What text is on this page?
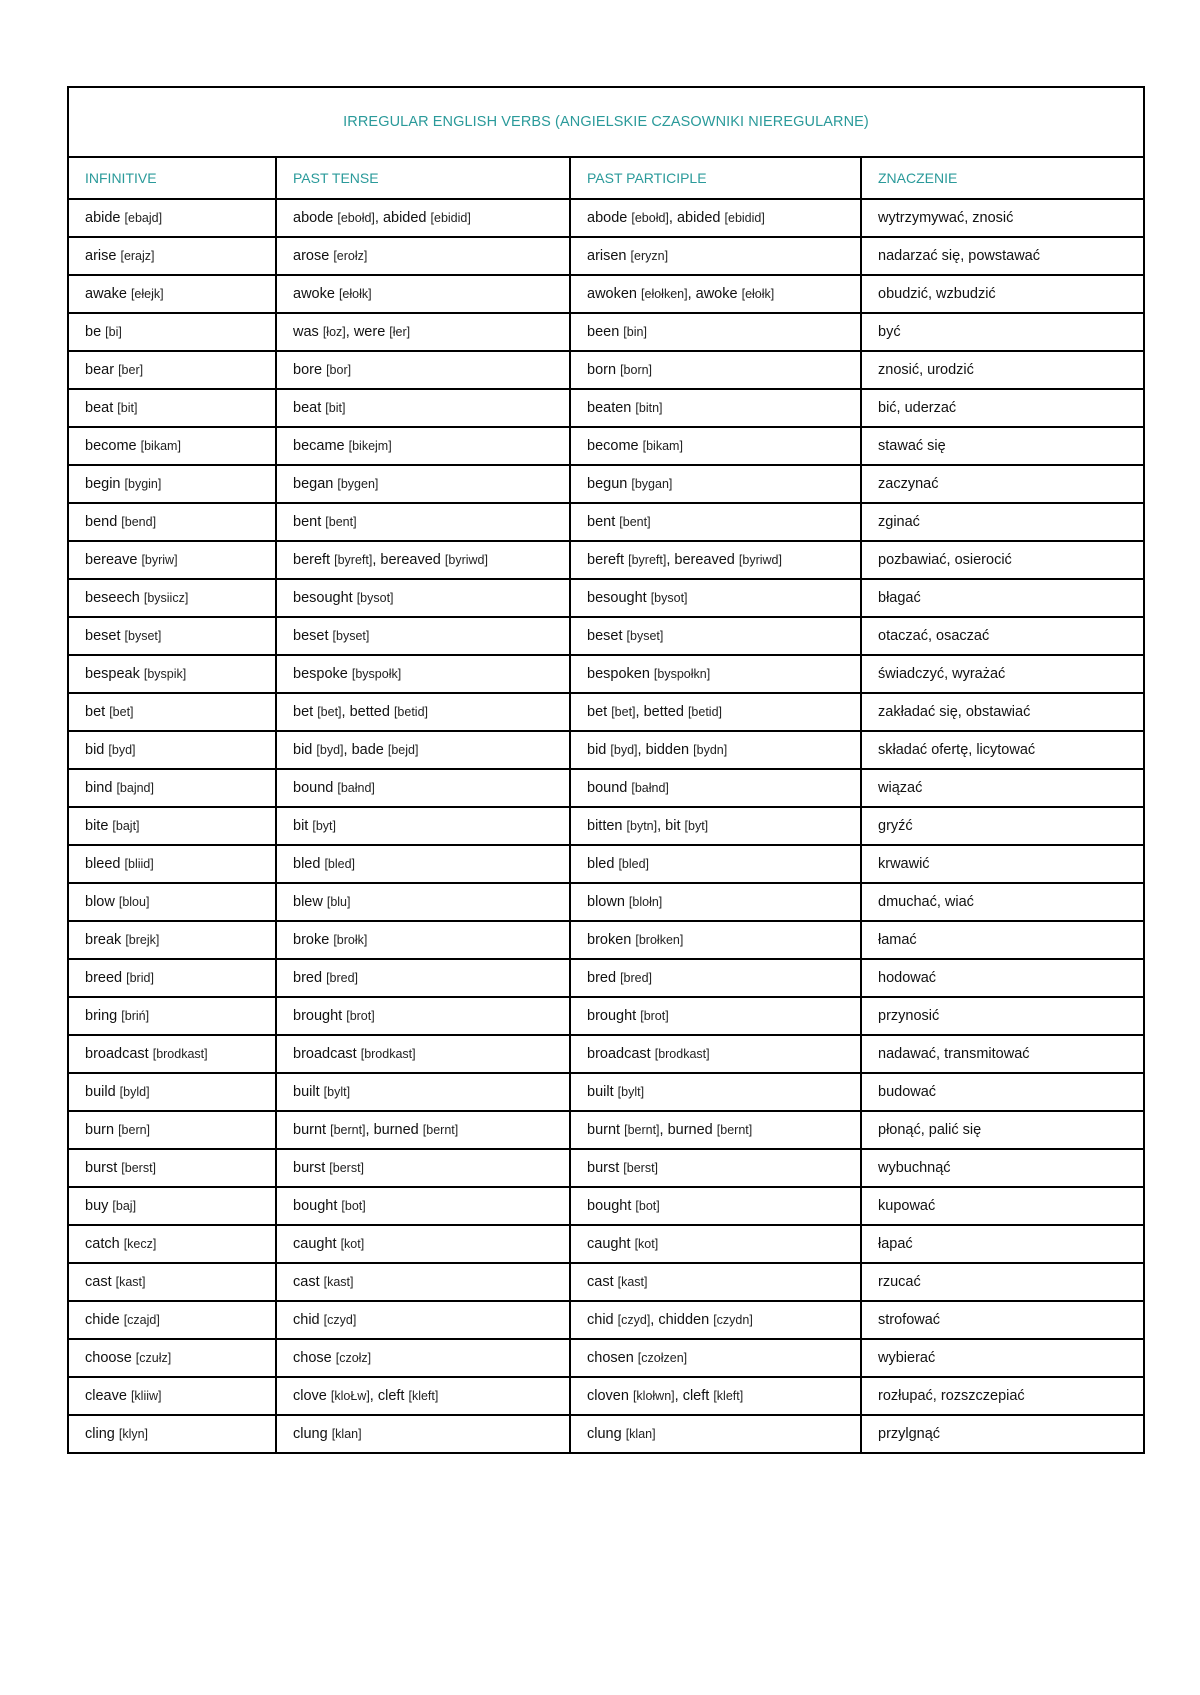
IRREGULAR ENGLISH VERBS (ANGIELSKIE CZASOWNIKI NIEREGULARNE)			
INFINITIVE	PAST TENSE	PAST PARTICIPLE	ZNACZENIE
abide [ebajd]	abode [ebołd], abided [ebidid]	abode [ebołd], abided [ebidid]	wytrzymywać, znosić
arise [erajz]	arose [erołz]	arisen [eryzn]	nadarzać się, powstawać
awake [ełejk]	awoke [ełołk]	awoken [ełołken], awoke [ełołk]	obudzić, wzbudzić
be [bi]	was [łoz], were [łer]	been [bin]	być
bear [ber]	bore [bor]	born [born]	znosić, urodzić
beat [bit]	beat [bit]	beaten [bitn]	bić, uderzać
become [bikam]	became [bikejm]	become [bikam]	stawać się
begin [bygin]	began [bygen]	begun [bygan]	zaczynać
bend [bend]	bent [bent]	bent [bent]	zginać
bereave [byriw]	bereft [byreft], bereaved [byriwd]	bereft [byreft], bereaved [byriwd]	pozbawiać, osierocić
beseech [bysiicz]	besought [bysot]	besought [bysot]	błagać
beset [byset]	beset [byset]	beset [byset]	otaczać, osaczać
bespeak [byspik]	bespoke [byspołk]	bespoken [byspołkn]	świadczyć, wyrażać
bet [bet]	bet [bet], betted [betid]	bet [bet], betted [betid]	zakładać się, obstawiać
bid [byd]	bid [byd], bade [bejd]	bid [byd], bidden [bydn]	składać ofertę, licytować
bind [bajnd]	bound [bałnd]	bound [bałnd]	wiązać
bite [bajt]	bit [byt]	bitten [bytn], bit [byt]	gryźć
bleed [bliid]	bled [bled]	bled [bled]	krwawić
blow [blou]	blew [blu]	blown [blołn]	dmuchać, wiać
break [brejk]	broke [brołk]	broken [brołken]	łamać
breed [brid]	bred [bred]	bred [bred]	hodować
bring [briń]	brought [brot]	brought [brot]	przynosić
broadcast [brodkast]	broadcast [brodkast]	broadcast [brodkast]	nadawać, transmitować
build [byld]	built [bylt]	built [bylt]	budować
burn [bern]	burnt [bernt], burned [bernt]	burnt [bernt], burned [bernt]	płonąć, palić się
burst [berst]	burst [berst]	burst [berst]	wybuchnąć
buy [baj]	bought [bot]	bought [bot]	kupować
catch [kecz]	caught [kot]	caught [kot]	łapać
cast [kast]	cast [kast]	cast [kast]	rzucać
chide [czajd]	chid [czyd]	chid [czyd], chidden [czydn]	strofować
choose [czułz]	chose [czołz]	chosen [czołzen]	wybierać
cleave [kliiw]	clove [kloŁw], cleft [kleft]	cloven [klołwn], cleft [kleft]	rozłupać, rozszczepiać
cling [klyn]	clung [klan]	clung [klan]	przylgnąć
